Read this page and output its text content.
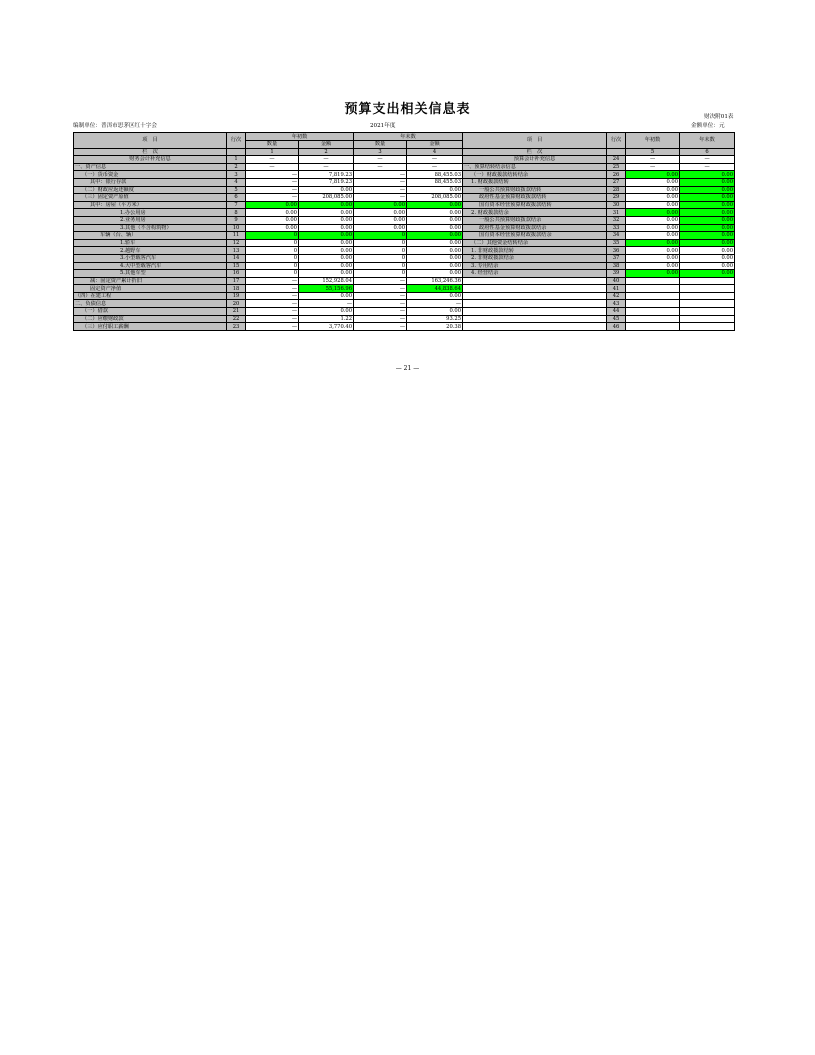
预算支出相关信息表	财决附01表
编制单位：普洱市思茅区红十字会	2021年度	金额单位：元
项　目	行次	年初数		年末数		项　目	行次	年初数	年末数
		数量	金额	数量	金额				
栏　次		1	2	3	4	栏　次		5	6
财务会计补充信息	1	—	—	—	—	预算会计补充信息	24	—	—
一、资产信息	2	—	—	—	—	一、预算结转结余信息	25	—	—
（一）货币资金	3	—	7,819.23	—	88,455.03	（一）财政拨款结转结余	26	0.00	0.00
其中：银行存款	4	—	7,819.23	—	88,455.03	1. 财政拨款结转	27	0.00	0.00
（二）财政应返还额度	5	—	0.00	—	0.00	一般公共预算财政拨款结转	28	0.00	0.00
（三）固定资产原值	6	—	208,085.00	—	208,085.00	政府性基金预算财政拨款结转	29	0.00	0.00
其中：房屋（平方米）	7	0.00	0.00	0.00	0.00	国有资本经营预算财政拨款结转	30	0.00	0.00
1.办公用房	8	0.00	0.00	0.00	0.00	2. 财政拨款结余	31	0.00	0.00
2.业务用房	9	0.00	0.00	0.00	0.00	一般公共预算财政拨款结余	32	0.00	0.00
3.其他（不含构筑物）	10	0.00	0.00	0.00	0.00	政府性基金预算财政拨款结余	33	0.00	0.00
车辆（台、辆）	11	0	0.00	0	0.00	国有资本经营预算财政拨款结余	34	0.00	0.00
1.轿车	12	0	0.00	0	0.00	（二）其他资金结转结余	35	0.00	0.00
2.越野车	13	0	0.00	0	0.00	1. 非财政拨款结转	36	0.00	0.00
3.小型载客汽车	14	0	0.00	0	0.00	2. 非财政拨款结余	37	0.00	0.00
4.大中型载客汽车	15	0	0.00	0	0.00	3. 专用结余	38	0.00	0.00
5.其他车型	16	0	0.00	0	0.00	4. 经营结余	39	0.00	0.00
减：固定资产累计折旧	17	—	152,928.04	—	163,246.36		40		
固定资产净值	18	—	55,156.96	—	44,838.64		41		
（四）在建工程	19	—	0.00	—	0.00		42		
二、负债信息	20	—	—	—	—		43		
（一）借款	21	—	0.00	—	0.00		44		
（二）应缴财政款	22	—	1.22	—	93.25		45		
（三）应付职工薪酬	23	—	3,770.40	—	20.38		46		
— 21 —
